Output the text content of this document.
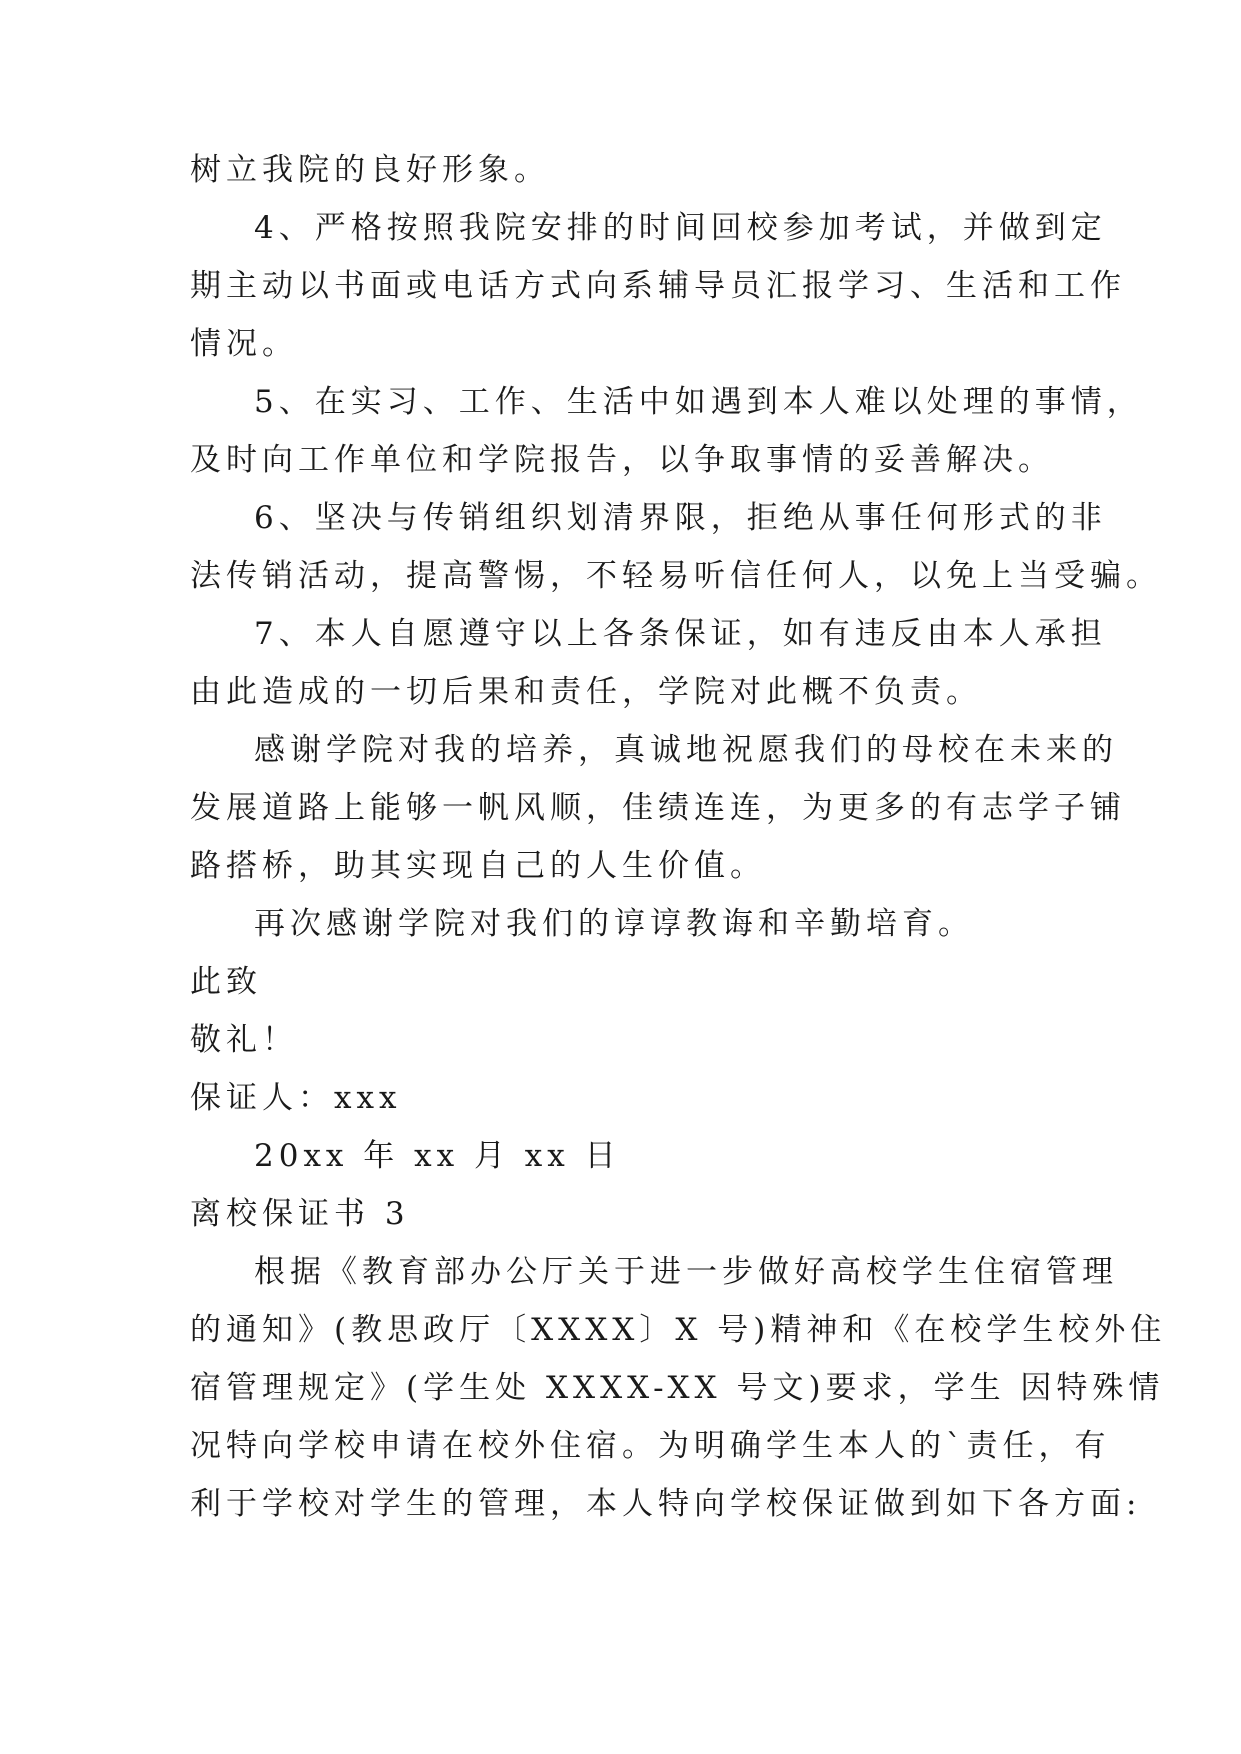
树立我院的良好形象。
4、严格按照我院安排的时间回校参加考试，并做到定
期主动以书面或电话方式向系辅导员汇报学习、生活和工作
情况。
5、在实习、工作、生活中如遇到本人难以处理的事情，
及时向工作单位和学院报告，以争取事情的妥善解决。
6、坚决与传销组织划清界限，拒绝从事任何形式的非
法传销活动，提高警惕，不轻易听信任何人，以免上当受骗。
7、本人自愿遵守以上各条保证，如有违反由本人承担
由此造成的一切后果和责任，学院对此概不负责。
感谢学院对我的培养，真诚地祝愿我们的母校在未来的
发展道路上能够一帆风顺，佳绩连连，为更多的有志学子铺
路搭桥，助其实现自己的人生价值。
再次感谢学院对我们的谆谆教诲和辛勤培育。
此致
敬礼！
保证人：xxx
20xx 年 xx 月 xx 日
离校保证书 3
根据《教育部办公厅关于进一步做好高校学生住宿管理
的通知》(教思政厅〔XXXX〕X 号)精神和《在校学生校外住
宿管理规定》(学生处 XXXX-XX 号文)要求，学生 因特殊情
况特向学校申请在校外住宿。为明确学生本人的`责任，有
利于学校对学生的管理，本人特向学校保证做到如下各方面:
